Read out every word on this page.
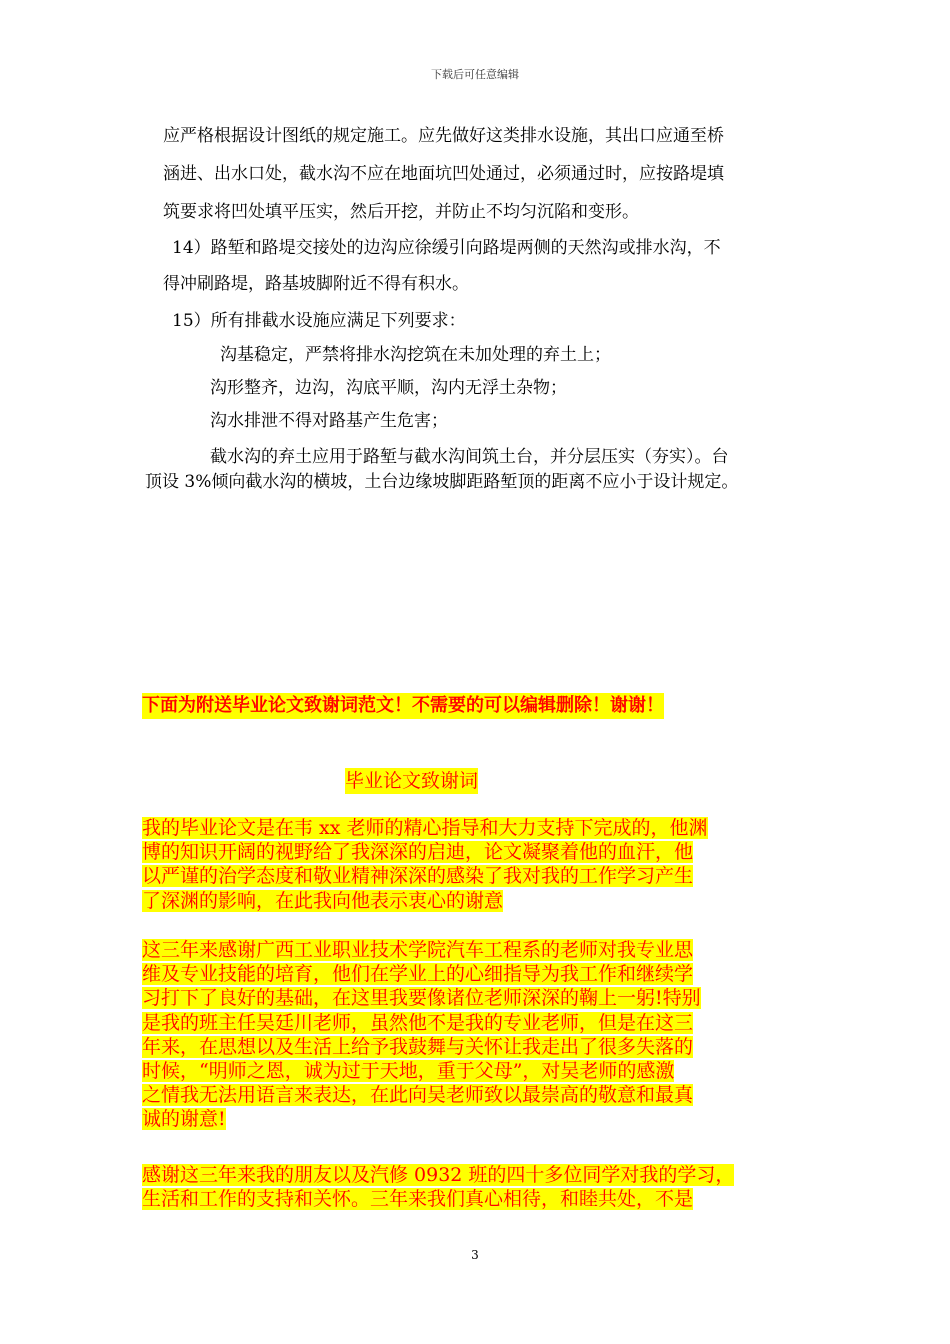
下载后可任意编辑
应严格根据设计图纸的规定施工。应先做好这类排水设施，其出口应通至桥
涵进、出水口处，截水沟不应在地面坑凹处通过，必须通过时，应按路堤填
筑要求将凹处填平压实，然后开挖，并防止不均匀沉陷和变形。
14）路堑和路堤交接处的边沟应徐缓引向路堤两侧的天然沟或排水沟，不
得冲刷路堤，路基坡脚附近不得有积水。
15）所有排截水设施应满足下列要求：
沟基稳定，严禁将排水沟挖筑在未加处理的弃土上；
沟形整齐，边沟，沟底平顺，沟内无浮土杂物；
沟水排泄不得对路基产生危害；
截水沟的弃土应用于路堑与截水沟间筑土台，并分层压实（夯实）。台
顶设 3%倾向截水沟的横坡，土台边缘坡脚距路堑顶的距离不应小于设计规定。
下面为附送毕业论文致谢词范文！不需要的可以编辑删除！谢谢！
毕业论文致谢词
我的毕业论文是在韦 xx 老师的精心指导和大力支持下完成的，他渊
博的知识开阔的视野给了我深深的启迪，论文凝聚着他的血汗，他
以严谨的治学态度和敬业精神深深的感染了我对我的工作学习产生
了深渊的影响，在此我向他表示衷心的谢意
这三年来感谢广西工业职业技术学院汽车工程系的老师对我专业思
维及专业技能的培育，他们在学业上的心细指导为我工作和继续学
习打下了良好的基础，在这里我要像诸位老师深深的鞠上一躬!特别
是我的班主任吴廷川老师，虽然他不是我的专业老师，但是在这三
年来，在思想以及生活上给予我鼓舞与关怀让我走出了很多失落的
时候，“明师之恩，诚为过于天地，重于父母”，对吴老师的感激
之情我无法用语言来表达，在此向吴老师致以最崇高的敬意和最真
诚的谢意!
感谢这三年来我的朋友以及汽修 0932 班的四十多位同学对我的学习，
生活和工作的支持和关怀。三年来我们真心相待，和睦共处，不是
3
